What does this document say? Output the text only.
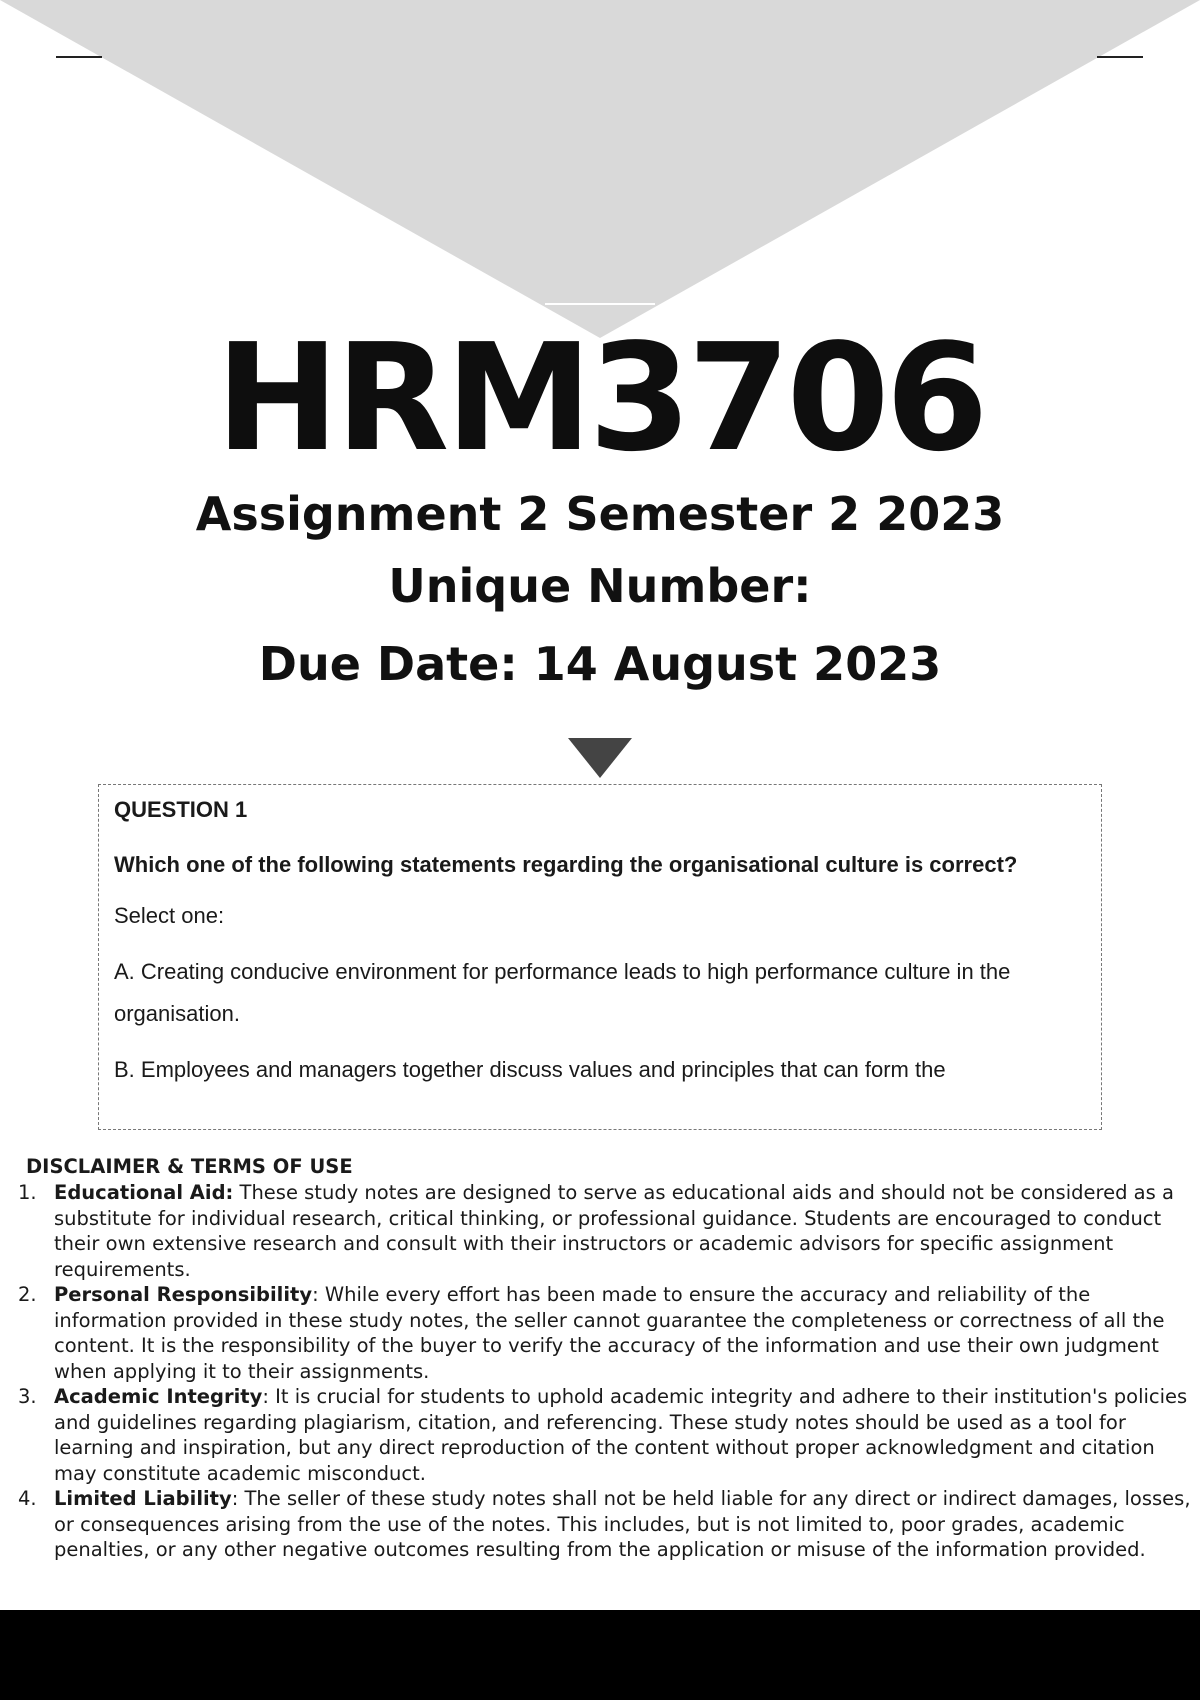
HRM3706
Assignment 2 Semester 2 2023
Unique Number:
Due Date: 14 August 2023

QUESTION 1

Which one of the following statements regarding the organisational culture is correct?

Select one:

A. Creating conducive environment for performance leads to high performance culture in the organisation.

B. Employees and managers together discuss values and principles that can form the

DISCLAIMER & TERMS OF USE

1. Educational Aid: These study notes are designed to serve as educational aids and should not be considered as a substitute for individual research, critical thinking, or professional guidance. Students are encouraged to conduct their own extensive research and consult with their instructors or academic advisors for specific assignment requirements.
2. Personal Responsibility: While every effort has been made to ensure the accuracy and reliability of the information provided in these study notes, the seller cannot guarantee the completeness or correctness of all the content. It is the responsibility of the buyer to verify the accuracy of the information and use their own judgment when applying it to their assignments.
3. Academic Integrity: It is crucial for students to uphold academic integrity and adhere to their institution's policies and guidelines regarding plagiarism, citation, and referencing. These study notes should be used as a tool for learning and inspiration, but any direct reproduction of the content without proper acknowledgment and citation may constitute academic misconduct.
4. Limited Liability: The seller of these study notes shall not be held liable for any direct or indirect damages, losses, or consequences arising from the use of the notes. This includes, but is not limited to, poor grades, academic penalties, or any other negative outcomes resulting from the application or misuse of the information provided.
